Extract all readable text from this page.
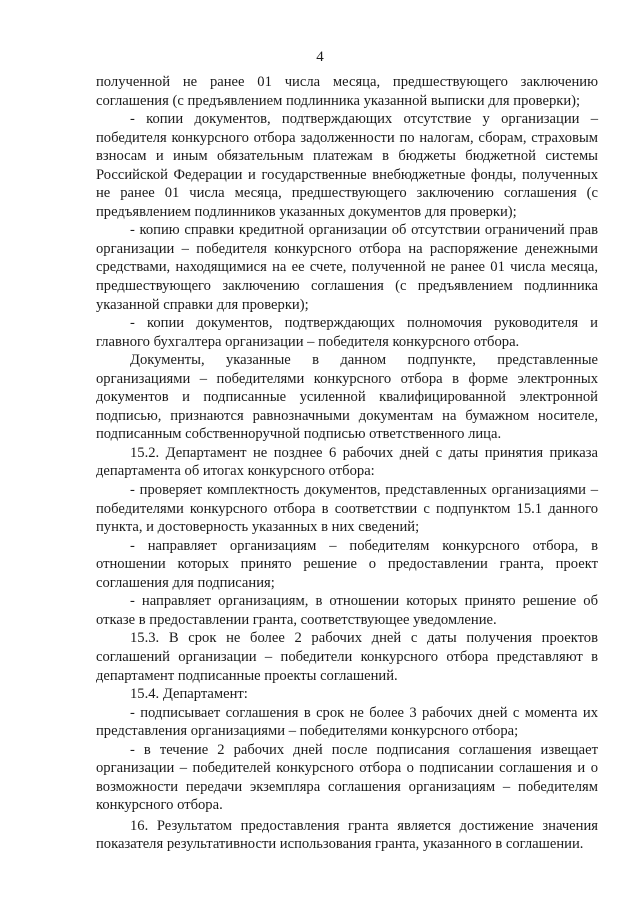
4

полученной не ранее 01 числа месяца, предшествующего заключению соглашения (с предъявлением подлинника указанной выписки для проверки);

- копии документов, подтверждающих отсутствие у организации – победителя конкурсного отбора задолженности по налогам, сборам, страховым взносам и иным обязательным платежам в бюджеты бюджетной системы Российской Федерации и государственные внебюджетные фонды, полученных не ранее 01 числа месяца, предшествующего заключению соглашения (с предъявлением подлинников указанных документов для проверки);

- копию справки кредитной организации об отсутствии ограничений прав организации – победителя конкурсного отбора на распоряжение денежными средствами, находящимися на ее счете, полученной не ранее 01 числа месяца, предшествующего заключению соглашения (с предъявлением подлинника указанной справки для проверки);

- копии документов, подтверждающих полномочия руководителя и главного бухгалтера организации – победителя конкурсного отбора.

Документы, указанные в данном подпункте, представленные организациями – победителями конкурсного отбора в форме электронных документов и подписанные усиленной квалифицированной электронной подписью, признаются равнозначными документам на бумажном носителе, подписанным собственноручной подписью ответственного лица.

15.2. Департамент не позднее 6 рабочих дней с даты принятия приказа департамента об итогах конкурсного отбора:

- проверяет комплектность документов, представленных организациями – победителями конкурсного отбора в соответствии с подпунктом 15.1 данного пункта, и достоверность указанных в них сведений;

- направляет организациям – победителям конкурсного отбора, в отношении которых принято решение о предоставлении гранта, проект соглашения для подписания;

- направляет организациям, в отношении которых принято решение об отказе в предоставлении гранта, соответствующее уведомление.

15.3. В срок не более 2 рабочих дней с даты получения проектов соглашений организации – победители конкурсного отбора представляют в департамент подписанные проекты соглашений.

15.4. Департамент:

- подписывает соглашения в срок не более 3 рабочих дней с момента их представления организациями – победителями конкурсного отбора;

- в течение 2 рабочих дней после подписания соглашения извещает организации – победителей конкурсного отбора о подписании соглашения и о возможности передачи экземпляра соглашения организациям – победителям конкурсного отбора.

16. Результатом предоставления гранта является достижение значения показателя результативности использования гранта, указанного в соглашении.
